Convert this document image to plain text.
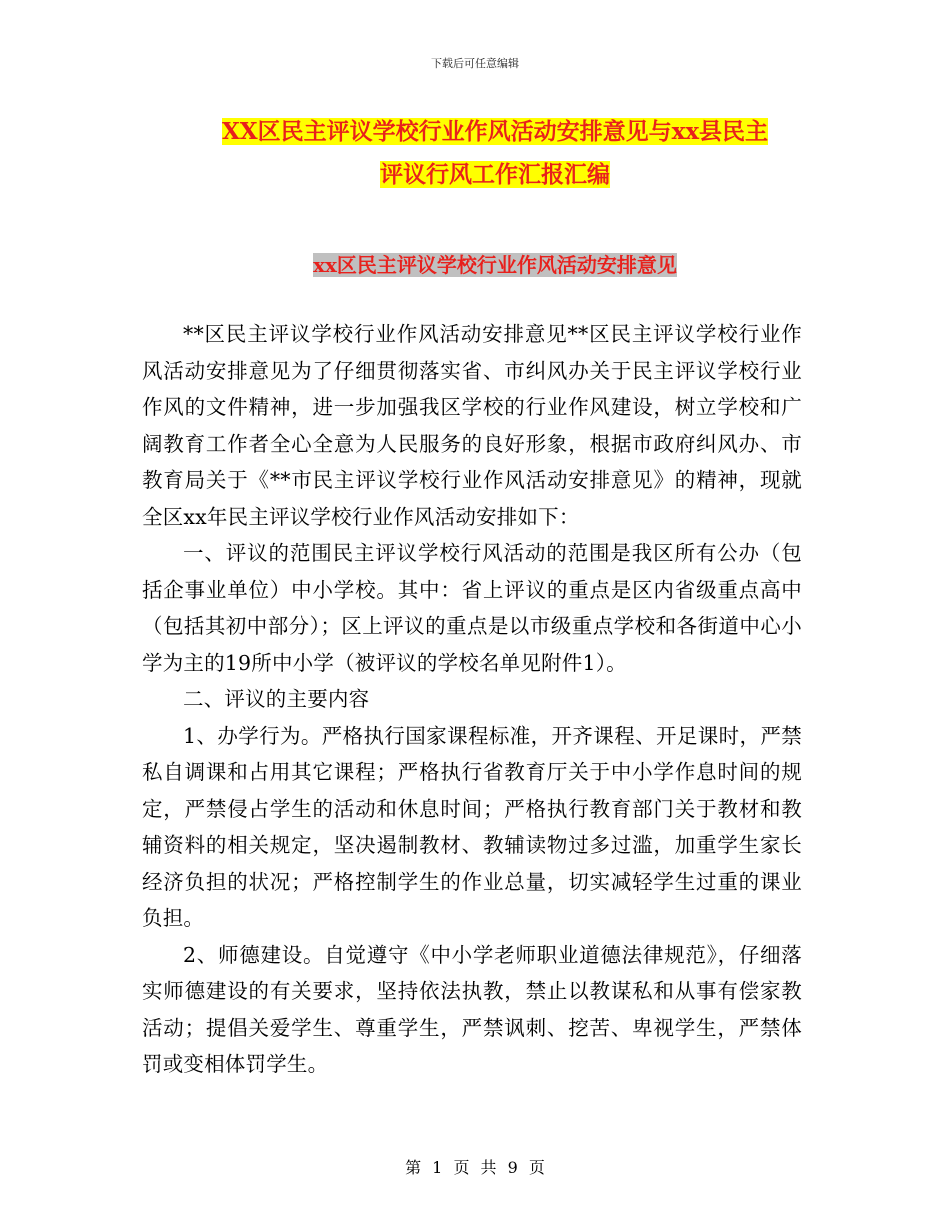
下载后可任意编辑
XX区民主评议学校行业作风活动安排意见与xx县民主
评议行风工作汇报汇编
xx区民主评议学校行业作风活动安排意见

**区民主评议学校行业作风活动安排意见**区民主评议学校行业作风活动安排意见为了仔细贯彻落实省、市纠风办关于民主评议学校行业作风的文件精神，进一步加强我区学校的行业作风建设，树立学校和广阔教育工作者全心全意为人民服务的良好形象，根据市政府纠风办、市教育局关于《**市民主评议学校行业作风活动安排意见》的精神，现就全区xx年民主评议学校行业作风活动安排如下：

一、评议的范围民主评议学校行风活动的范围是我区所有公办（包括企事业单位）中小学校。其中：省上评议的重点是区内省级重点高中（包括其初中部分）；区上评议的重点是以市级重点学校和各街道中心小学为主的19所中小学（被评议的学校名单见附件1）。

二、评议的主要内容

1、办学行为。严格执行国家课程标准，开齐课程、开足课时，严禁私自调课和占用其它课程；严格执行省教育厅关于中小学作息时间的规定，严禁侵占学生的活动和休息时间；严格执行教育部门关于教材和教辅资料的相关规定，坚决遏制教材、教辅读物过多过滥，加重学生家长经济负担的状况；严格控制学生的作业总量，切实减轻学生过重的课业负担。

2、师德建设。自觉遵守《中小学老师职业道德法律规范》，仔细落实师德建设的有关要求，坚持依法执教，禁止以教谋私和从事有偿家教活动；提倡关爱学生、尊重学生，严禁讽刺、挖苦、卑视学生，严禁体罚或变相体罚学生。

第 1 页 共 9 页
